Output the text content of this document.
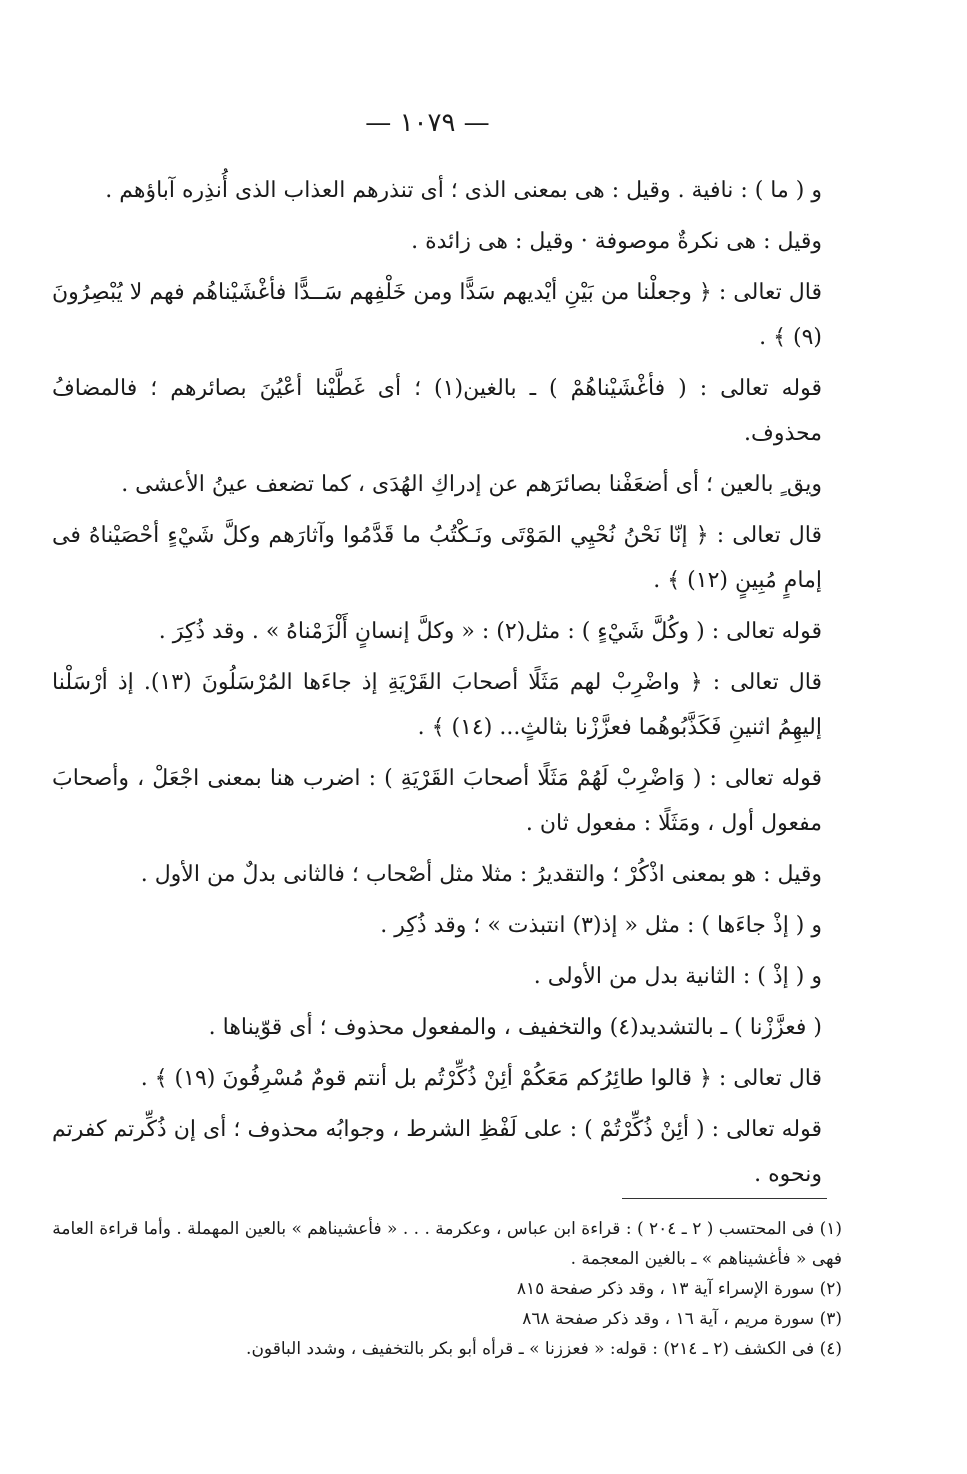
— ١٠٧٩ —

و ( ما ) : نافية . وقيل : هى بمعنى الذى ؛ أى تنذرهم العذاب الذى أُنذِره آباؤهم .

وقيل : هى نكرةٌ موصوفة · وقيل : هى زائدة .

قال تعالى : ﴿ وجعلْنا من بَيْنِ أيْديهم سَدًّا ومن خَلْفِهم سَــدًّا فأغْشَيْناهُم فهم لا يُبْصِرُونَ (٩) ﴾ .

قوله تعالى : ( فأغْشَيْناهُمْ ) ـ بالغين(١) ؛ أى غَطَّيْنا أعْيُنَ بصائرهم ؛ فالمضافُ محذوف.

ويق ٍ بالعين ؛ أى أضعَفْنا بصائرَهم عن إدراكِ الهُدَى ، كما تضعف عينُ الأعشى .

قال تعالى : ﴿ إنّا نَحْنُ نُحْيِي المَوْتَى ونَـكْتُبُ ما قَدَّمُوا وآثارَهم وكلَّ شَيْءٍ أحْصَيْناهُ فى إمامٍ مُبِينٍ (١٢) ﴾ .

قوله تعالى : ( وكُلَّ شَيْءٍ ) : مثل(٢) : « وكلَّ إنسانٍ أَلْزَمْناهُ » . وقد ذُكِرَ .

قال تعالى : ﴿ واضْرِبْ لهم مَثَلًا أصحابَ القَرْيَةِ إذ جاءَها المُرْسَلُونَ (١٣). إذ أرْسَلْنا إليهِمُ اثنينِ فَكَذَّبُوهُما فعزَّزْنا بثالثٍ... (١٤) ﴾ .

قوله تعالى : ( وَاضْرِبْ لَهُمْ مَثَلًا أصحابَ القَرْيَةِ ) : اضرب هنا بمعنى اجْعَلْ ، وأصحابَ مفعول أول ، ومَثَلًا : مفعول ثان .

وقيل : هو بمعنى اذْكُرْ ؛ والتقديرُ : مثلا مثل أصْحاب ؛ فالثانى بدلٌ من الأول .

و ( إذْ جاءَها ) : مثل « إذ(٣) انتبذت » ؛ وقد ذُكِر .

و ( إذْ ) : الثانية بدل من الأولى .

( فعزَّزْنا ) ـ بالتشديد(٤) والتخفيف ، والمفعول محذوف ؛ أى قوّيناها .

قال تعالى : ﴿ قالوا طائِرُكم مَعَكُمْ أئِنْ ذُكِّرْتُم بل أنتم قومٌ مُسْرِفُونَ (١٩) ﴾ .

قوله تعالى : ( أئِنْ ذُكِّرْتُمْ ) : على لَفْظِ الشرط ، وجوابُه محذوف ؛ أى إن ذُكِّرتم كفرتم ونحوه .

(١) فى المحتسب ( ٢ ـ ٢٠٤ ) : قراءة ابن عباس ، وعكرمة . . . « فأعشيناهم » بالعين المهملة . وأما قراءة العامة فهى « فأغشيناهم » ـ بالغين المعجمة .

(٢) سورة الإسراء آية ١٣ ، وقد ذكر صفحة ٨١٥

(٣) سورة مريم ، آية ١٦ ، وقد ذكر صفحة ٨٦٨

(٤) فى الكشف (٢ ـ ٢١٤) : قوله: « فعززنا » ـ قرأه أبو بكر بالتخفيف ، وشدد الباقون.
